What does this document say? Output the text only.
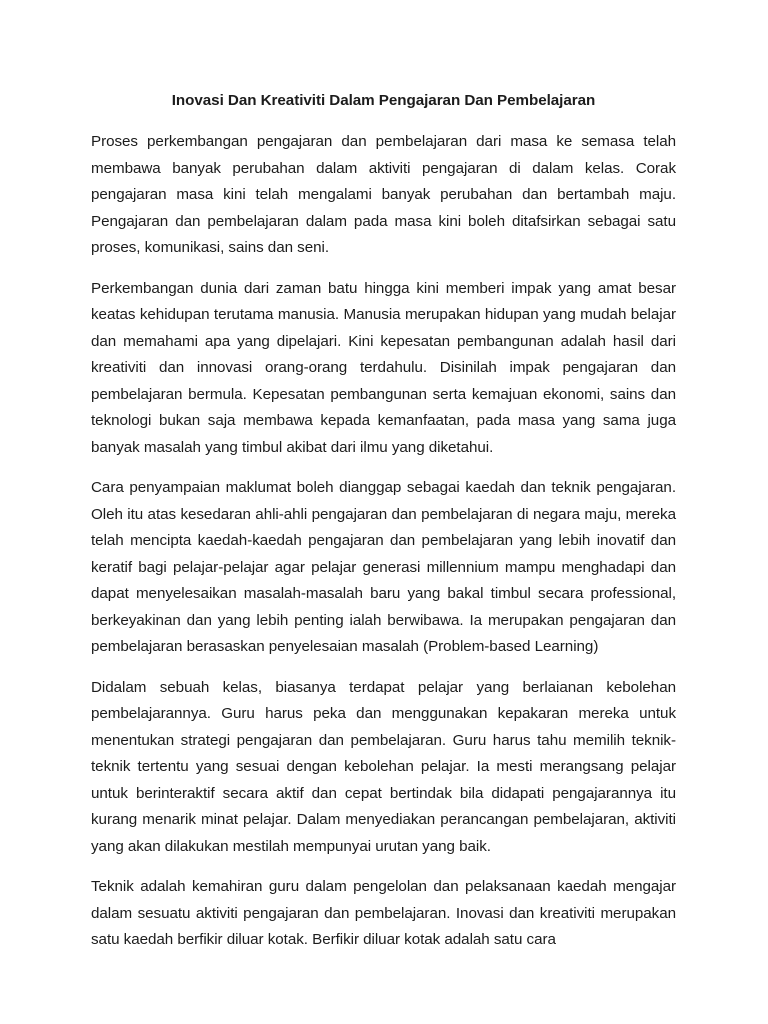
Inovasi Dan Kreativiti Dalam Pengajaran Dan Pembelajaran

Proses perkembangan pengajaran dan pembelajaran dari masa ke semasa telah membawa banyak perubahan dalam aktiviti pengajaran di dalam kelas. Corak pengajaran masa kini telah mengalami banyak perubahan dan bertambah maju. Pengajaran dan pembelajaran dalam pada masa kini boleh ditafsirkan sebagai satu proses, komunikasi, sains dan seni.

Perkembangan dunia dari zaman batu hingga kini memberi impak yang amat besar keatas kehidupan terutama manusia. Manusia merupakan hidupan yang mudah belajar dan memahami apa yang dipelajari. Kini kepesatan pembangunan adalah hasil dari kreativiti dan innovasi orang-orang terdahulu. Disinilah impak pengajaran dan pembelajaran bermula. Kepesatan pembangunan serta kemajuan ekonomi, sains dan teknologi bukan saja membawa kepada kemanfaatan, pada masa yang sama juga banyak masalah yang timbul akibat dari ilmu yang diketahui.

Cara penyampaian maklumat boleh dianggap sebagai kaedah dan teknik pengajaran. Oleh itu atas kesedaran ahli-ahli pengajaran dan pembelajaran di negara maju, mereka telah mencipta kaedah-kaedah pengajaran dan pembelajaran yang lebih inovatif dan keratif bagi pelajar-pelajar agar pelajar generasi millennium mampu menghadapi dan dapat menyelesaikan masalah-masalah baru yang bakal timbul secara professional, berkeyakinan dan yang lebih penting ialah berwibawa. Ia merupakan pengajaran dan pembelajaran berasaskan penyelesaian masalah (Problem-based Learning)

Didalam sebuah kelas, biasanya terdapat pelajar yang berlaianan kebolehan pembelajarannya. Guru harus peka dan menggunakan kepakaran mereka untuk menentukan strategi pengajaran dan pembelajaran. Guru harus tahu memilih teknik-teknik tertentu yang sesuai dengan kebolehan pelajar. Ia mesti merangsang pelajar untuk berinteraktif secara aktif dan cepat bertindak bila didapati pengajarannya itu kurang menarik minat pelajar. Dalam menyediakan perancangan pembelajaran, aktiviti yang akan dilakukan mestilah mempunyai urutan yang baik.

Teknik adalah kemahiran guru dalam pengelolan dan pelaksanaan kaedah mengajar dalam sesuatu aktiviti pengajaran dan pembelajaran. Inovasi dan kreativiti merupakan satu kaedah berfikir diluar kotak. Berfikir diluar kotak adalah satu cara
